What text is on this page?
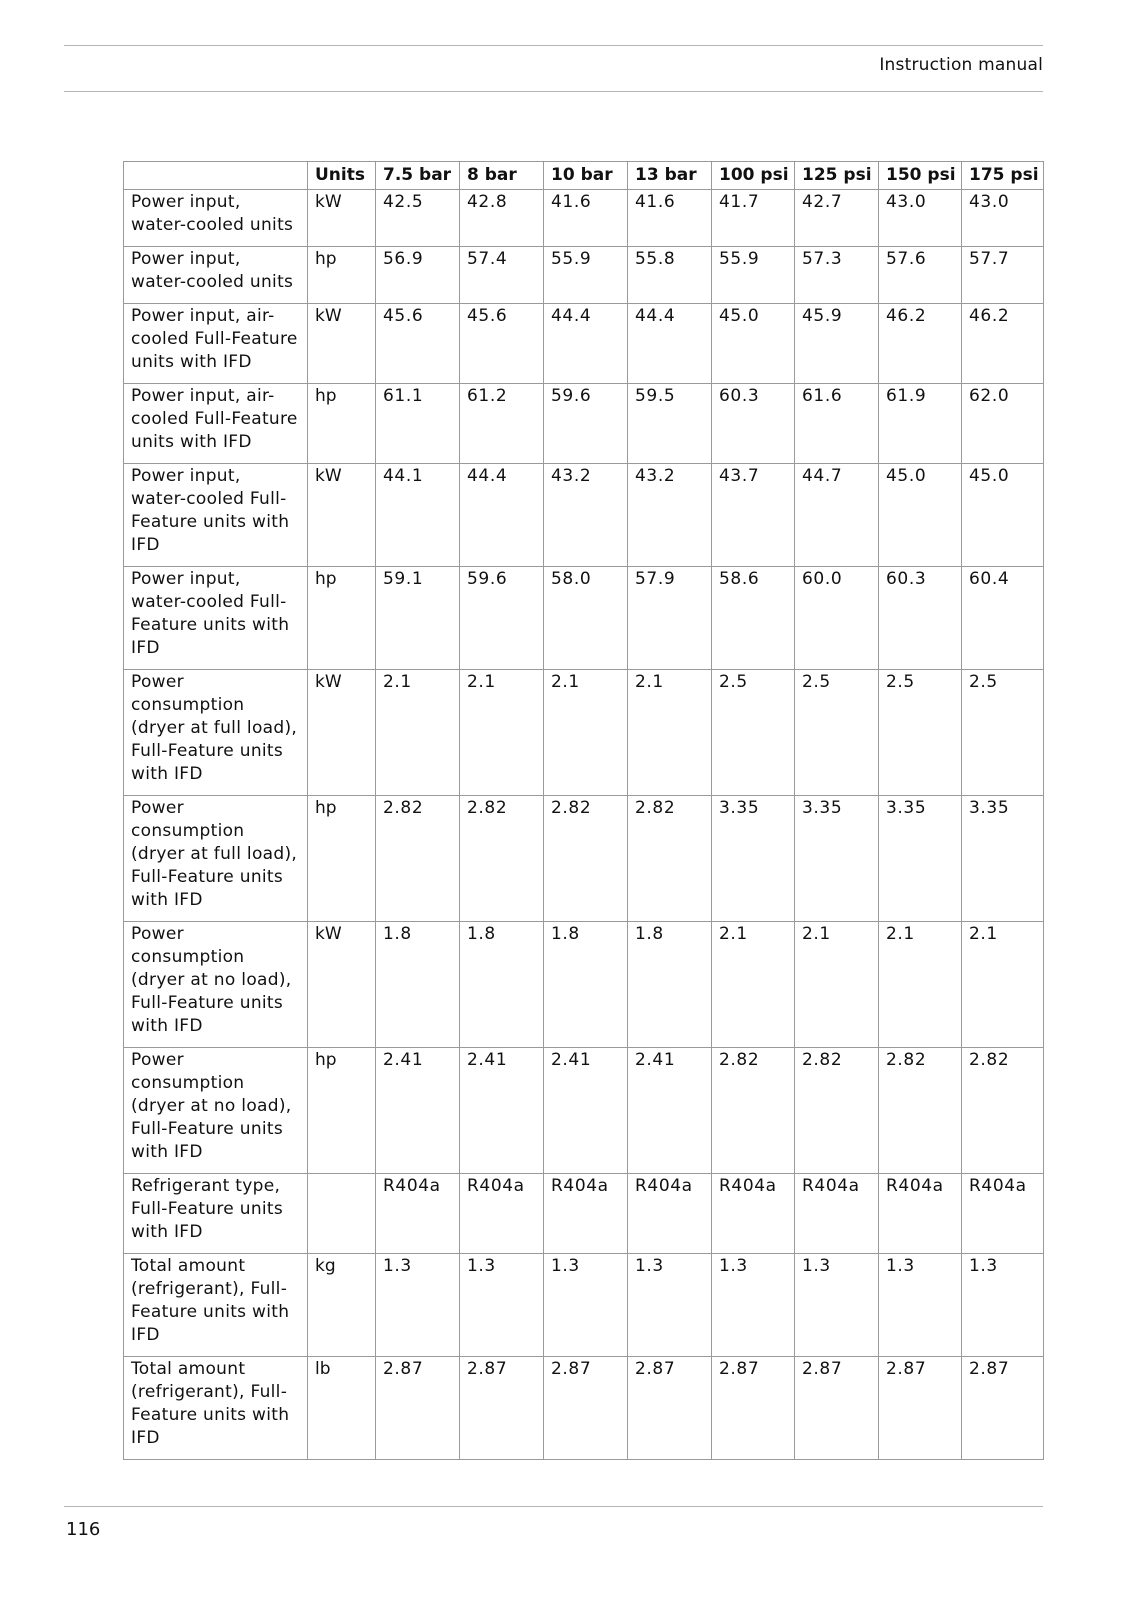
Instruction manual
	Units	7.5 bar	8 bar	10 bar	13 bar	100 psi	125 psi	150 psi	175 psi
Power input, water-cooled units	kW	42.5	42.8	41.6	41.6	41.7	42.7	43.0	43.0
Power input, water-cooled units	hp	56.9	57.4	55.9	55.8	55.9	57.3	57.6	57.7
Power input, air-cooled Full-Feature units with IFD	kW	45.6	45.6	44.4	44.4	45.0	45.9	46.2	46.2
Power input, air-cooled Full-Feature units with IFD	hp	61.1	61.2	59.6	59.5	60.3	61.6	61.9	62.0
Power input, water-cooled Full-Feature units with IFD	kW	44.1	44.4	43.2	43.2	43.7	44.7	45.0	45.0
Power input, water-cooled Full-Feature units with IFD	hp	59.1	59.6	58.0	57.9	58.6	60.0	60.3	60.4
Power consumption (dryer at full load), Full-Feature units with IFD	kW	2.1	2.1	2.1	2.1	2.5	2.5	2.5	2.5
Power consumption (dryer at full load), Full-Feature units with IFD	hp	2.82	2.82	2.82	2.82	3.35	3.35	3.35	3.35
Power consumption (dryer at no load), Full-Feature units with IFD	kW	1.8	1.8	1.8	1.8	2.1	2.1	2.1	2.1
Power consumption (dryer at no load), Full-Feature units with IFD	hp	2.41	2.41	2.41	2.41	2.82	2.82	2.82	2.82
Refrigerant type, Full-Feature units with IFD		R404a	R404a	R404a	R404a	R404a	R404a	R404a	R404a
Total amount (refrigerant), Full-Feature units with IFD	kg	1.3	1.3	1.3	1.3	1.3	1.3	1.3	1.3
Total amount (refrigerant), Full-Feature units with IFD	lb	2.87	2.87	2.87	2.87	2.87	2.87	2.87	2.87
116
